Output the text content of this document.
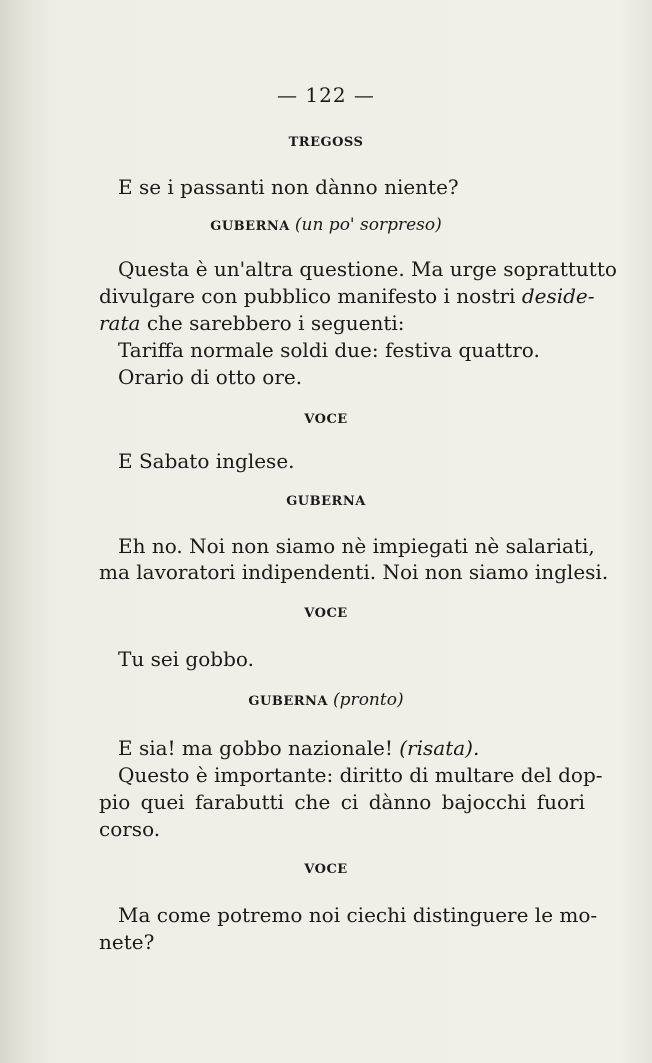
— 122 —
TREGOSS
E se i passanti non dànno niente?
GUBERNA (un po' sorpreso)
Questa è un'altra questione. Ma urge soprattutto
divulgare con pubblico manifesto i nostri deside-
rata che sarebbero i seguenti:
Tariffa normale soldi due: festiva quattro.
Orario di otto ore.
VOCE
E Sabato inglese.
GUBERNA
Eh no. Noi non siamo nè impiegati nè salariati,
ma lavoratori indipendenti. Noi non siamo inglesi.
VOCE
Tu sei gobbo.
GUBERNA (pronto)
E sia! ma gobbo nazionale! (risata).
Questo è importante: diritto di multare del dop-
pio quei farabutti che ci dànno bajocchi fuori
corso.
VOCE
Ma come potremo noi ciechi distinguere le mo-
nete?
